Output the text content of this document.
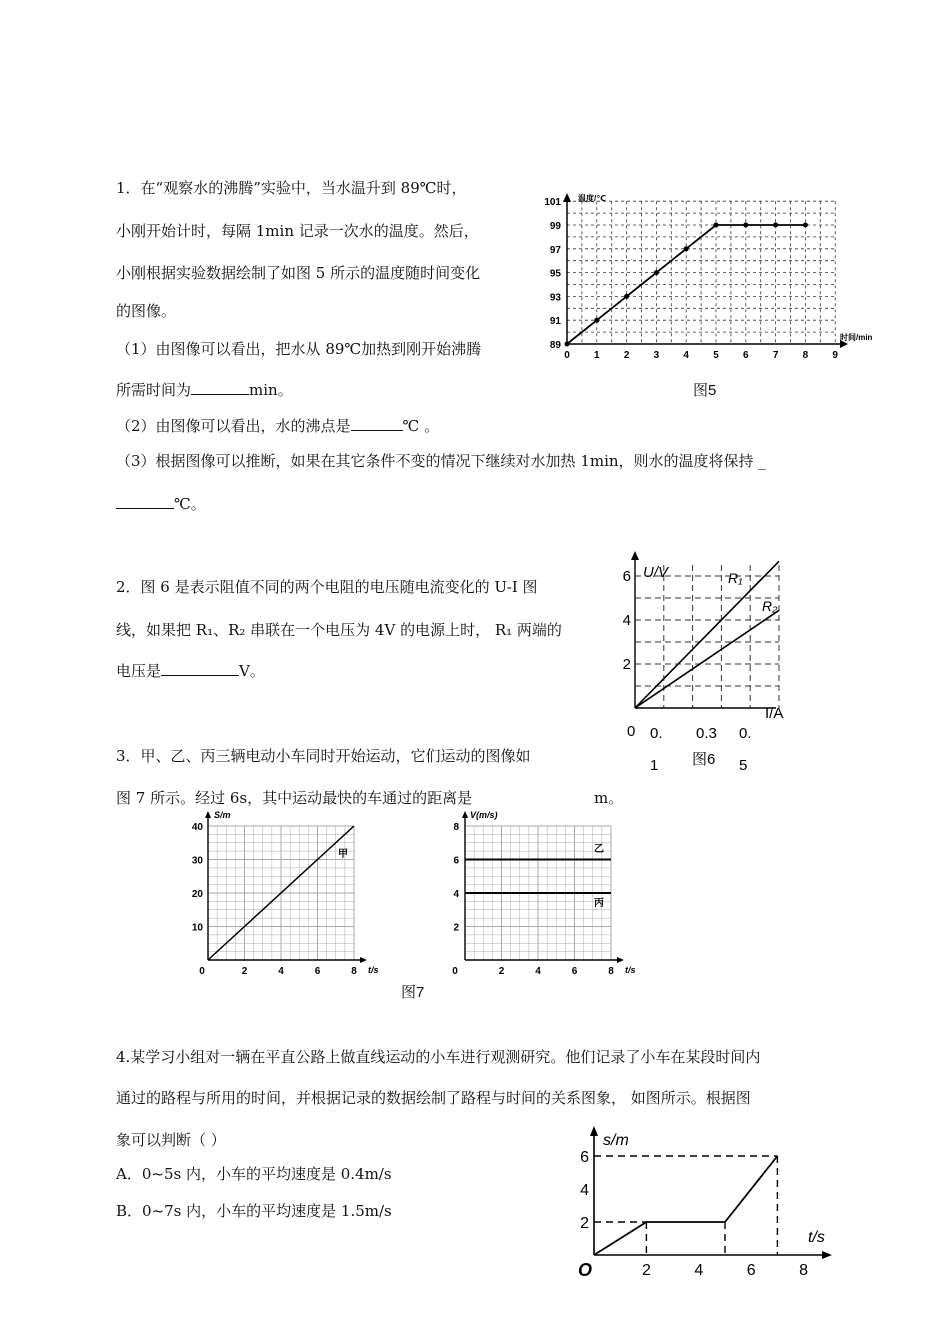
1．在“观察水的沸腾”实验中，当水温升到 89℃时，
小刚开始计时，每隔 1min 记录一次水的温度。然后，
小刚根据实验数据绘制了如图 5 所示的温度随时间变化
的图像。
（1）由图像可以看出，把水从 89℃加热到刚开始沸腾
所需时间为	min。
（2）由图像可以看出，水的沸点是	℃ 。
（3）根据图像可以推断，如果在其它条件不变的情况下继续对水加热 1min，则水的温度将保持 _
℃。
温度/℃
时间/min
0 1 2 3 4 5 6 7 8 9
89
91
93
95
97
99
101
图5
2．图 6 是表示阻值不同的两个电阻的电压随电流变化的 U-I 图
线，如果把 R₁、R₂ 串联在一个电压为 4V 的电源上时， R₁ 两端的
电压是	V。
U/V
I/A
2
4
6	R₁
R₂
0 0. 0.3 0.
1	5
图6
3．甲、乙、丙三辆电动小车同时开始运动，它们运动的图像如
图 7 所示。经过 6s，其中运动最快的车通过的距离是	m。
S/m
t/s
0	2	4	6	8
10
20
30
40
甲
V(m/s)
t/s
0	2	4	6	8
2
4
6
8
乙
丙
图7
4.某学习小组对一辆在平直公路上做直线运动的小车进行观测研究。他们记录了小车在某段时间内
通过的路程与所用的时间，并根据记录的数据绘制了路程与时间的关系图象， 如图所示。根据图
象可以判断（ ）
A．0~5s 内，小车的平均速度是 0.4m/s
B．0~7s 内，小车的平均速度是 1.5m/s
s/m
t/s
O	2	4	6	8
2
4
6
